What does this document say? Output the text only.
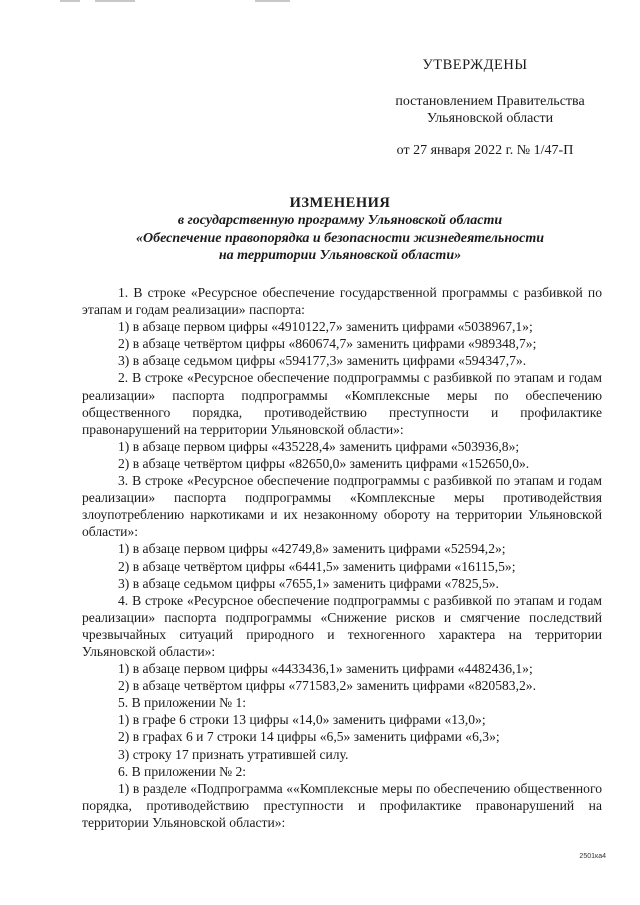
УТВЕРЖДЕНЫ
постановлением Правительства
Ульяновской области
от 27 января 2022 г. № 1/47-П
ИЗМЕНЕНИЯ
в государственную программу Ульяновской области
«Обеспечение правопорядка и безопасности жизнедеятельности
на территории Ульяновской области»

1. В строке «Ресурсное обеспечение государственной программы с разбивкой по этапам и годам реализации» паспорта:

1) в абзаце первом цифры «4910122,7» заменить цифрами «5038967,1»;

2) в абзаце четвёртом цифры «860674,7» заменить цифрами «989348,7»;

3) в абзаце седьмом цифры «594177,3» заменить цифрами «594347,7».

2. В строке «Ресурсное обеспечение подпрограммы с разбивкой по этапам и годам реализации» паспорта подпрограммы «Комплексные меры по обеспечению общественного порядка, противодействию преступности и профилактике правонарушений на территории Ульяновской области»:

1) в абзаце первом цифры «435228,4» заменить цифрами «503936,8»;

2) в абзаце четвёртом цифры «82650,0» заменить цифрами «152650,0».

3. В строке «Ресурсное обеспечение подпрограммы с разбивкой по этапам и годам реализации» паспорта подпрограммы «Комплексные меры противодействия злоупотреблению наркотиками и их незаконному обороту на территории Ульяновской области»:

1) в абзаце первом цифры «42749,8» заменить цифрами «52594,2»;

2) в абзаце четвёртом цифры «6441,5» заменить цифрами «16115,5»;

3) в абзаце седьмом цифры «7655,1» заменить цифрами «7825,5».

4. В строке «Ресурсное обеспечение подпрограммы с разбивкой по этапам и годам реализации» паспорта подпрограммы «Снижение рисков и смягчение последствий чрезвычайных ситуаций природного и техногенного характера на территории Ульяновской области»:

1) в абзаце первом цифры «4433436,1» заменить цифрами «4482436,1»;

2) в абзаце четвёртом цифры «771583,2» заменить цифрами «820583,2».

5. В приложении № 1:

1) в графе 6 строки 13 цифры «14,0» заменить цифрами «13,0»;

2) в графах 6 и 7 строки 14 цифры «6,5» заменить цифрами «6,3»;

3) строку 17 признать утратившей силу.

6. В приложении № 2:

1) в разделе «Подпрограмма ««Комплексные меры по обеспечению общественного порядка, противодействию преступности и профилактике правонарушений на территории Ульяновской области»:

2501ка4
